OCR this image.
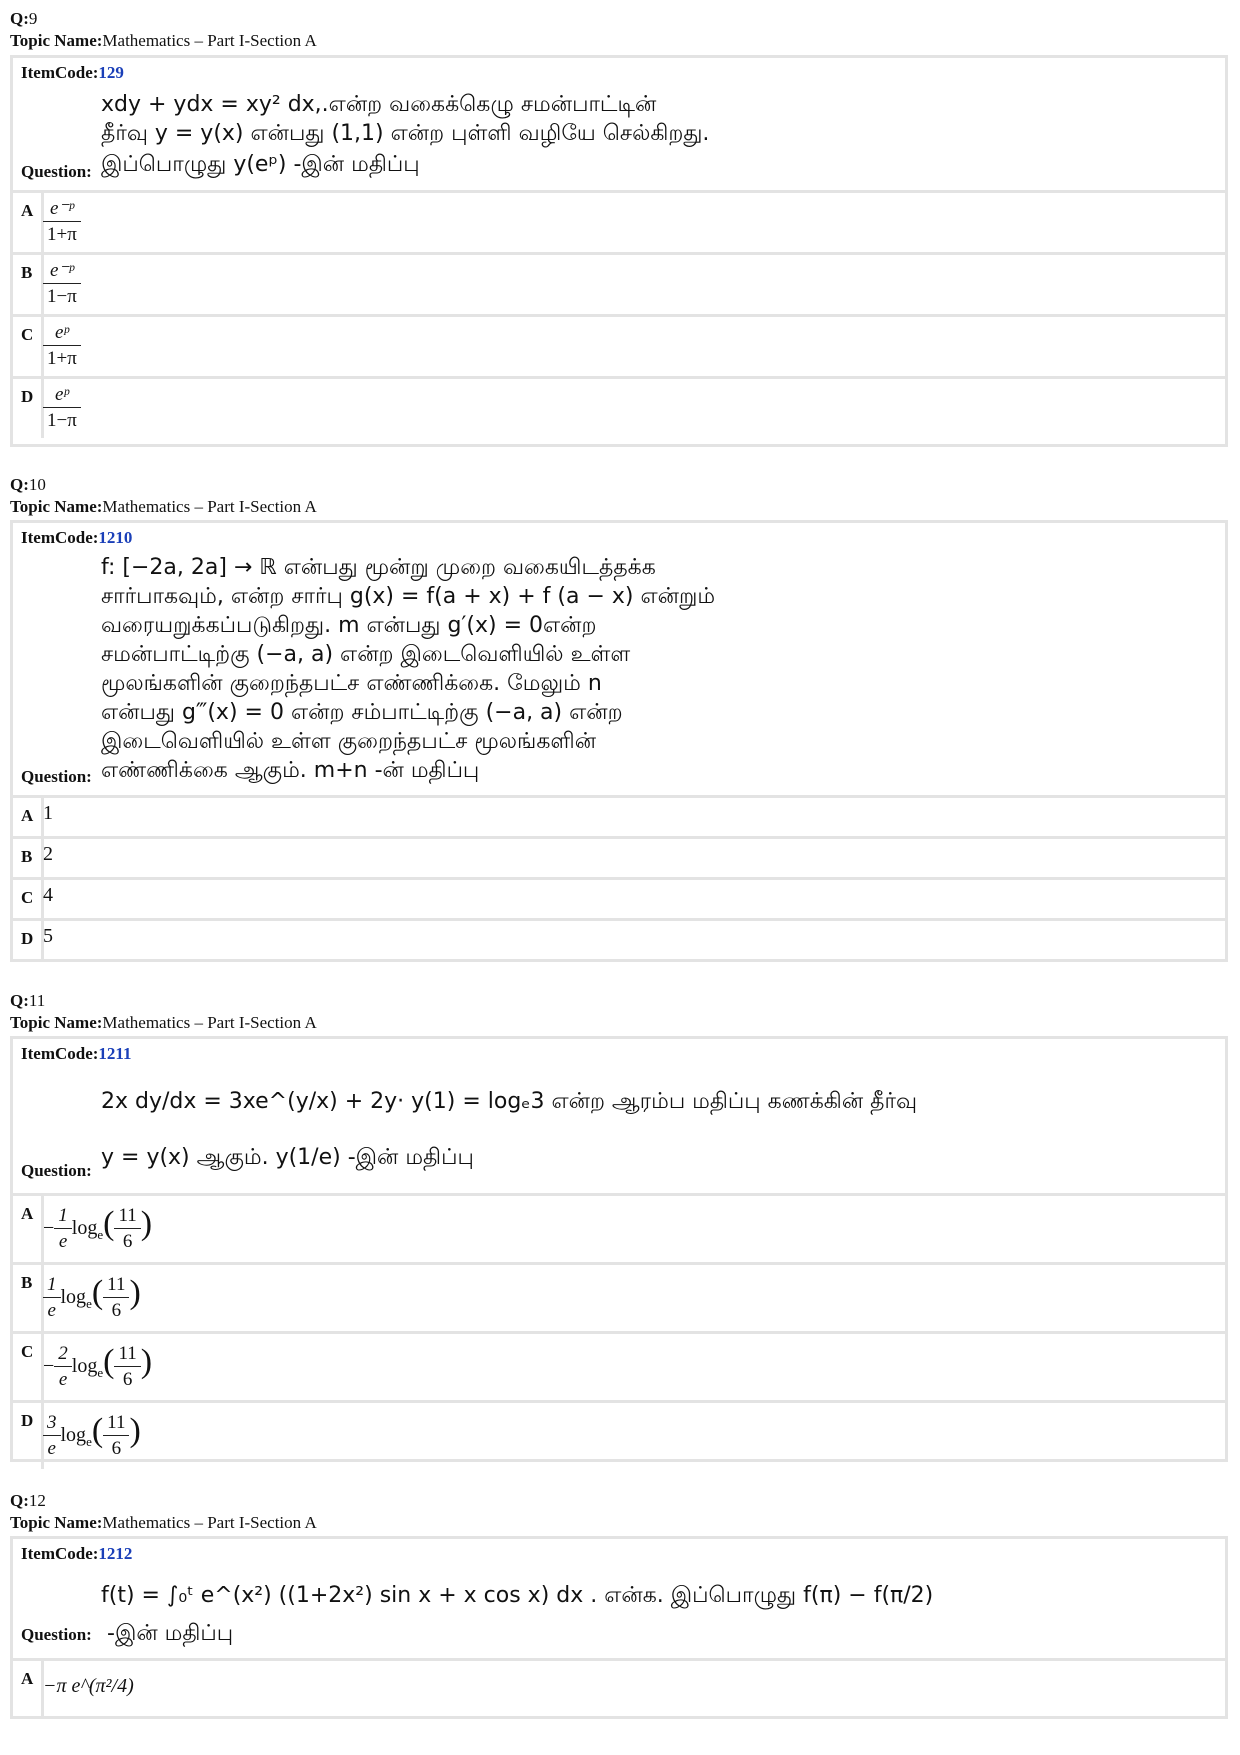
Q:9
Topic Name:Mathematics – Part I-Section A
ItemCode:129
xdy + ydx = xy² dx,.என்ற வகைக்கெழு சமன்பாட்டின்
தீர்வு y = y(x) என்பது (1,1) என்ற புள்ளி வழியே செல்கிறது.
இப்பொழுது y(eᵖ) -இன் மதிப்பு
Question:
A $\frac{\text{e⁻ᵖ}}{1+\pi}$
B $\frac{\text{e⁻ᵖ}}{1-\pi}$
C $\frac{\text{eᵖ}}{1+\pi}$
D $\frac{\text{eᵖ}}{1-\pi}$
Q:10
Topic Name:Mathematics – Part I-Section A
ItemCode:1210
f: [−2a, 2a] → ℝ என்பது மூன்று முறை வகையிடத்தக்க
சார்பாகவும், என்ற சார்பு g(x) = f(a + x) + f (a − x) என்றும்
வரையறுக்கப்படுகிறது. m என்பது g′(x) = 0என்ற
சமன்பாட்டிற்கு (−a, a) என்ற இடைவெளியில் உள்ள
மூலங்களின் குறைந்தபட்ச எண்ணிக்கை. மேலும் n
என்பது g‴(x) = 0 என்ற சம்பாட்டிற்கு (−a, a) என்ற
இடைவெளியில் உள்ள குறைந்தபட்ச மூலங்களின்
எண்ணிக்கை ஆகும். m+n -ன் மதிப்பு
Question:
A 1
B 2
C 4
D 5
Q:11
Topic Name:Mathematics – Part I-Section A
ItemCode:1211
2x dy/dx = 3xe^(y/x) + 2y· y(1) = logₑ3 என்ற ஆரம்ப மதிப்பு கணக்கின் தீர்வு
y = y(x) ஆகும். y(1/e) -இன் மதிப்பு
Question:
A
− $\frac{1}{e} \log_e( \frac{11}{6}$ )
B $\frac{1}{e} \log_e( \frac{11}{6}$ )
C
− $\frac{2}{e} \log_e( \frac{11}{6}$ )
D $\frac{3}{e} \log_e( \frac{11}{6}$ )
Q:12
Topic Name:Mathematics – Part I-Section A
ItemCode:1212
f(t) = ∫₀ᵗ e^(x²) ((1+2x²) sin x + x cos x) dx . என்க. இப்பொழுது f(π) − f(π/2)
-இன் மதிப்பு
Question:
A −π e^(π²/4)
